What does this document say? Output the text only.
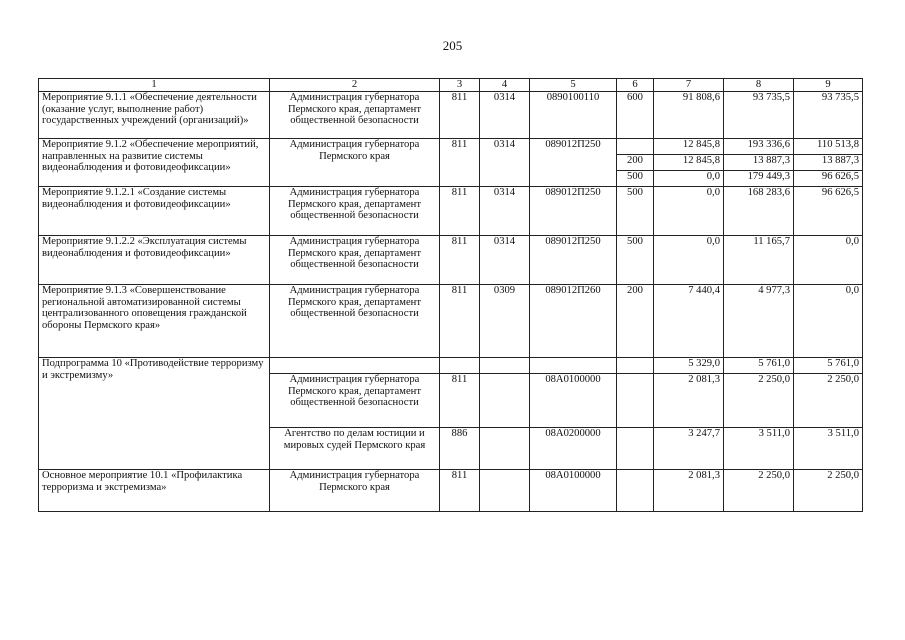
205
1	2	3	4	5	6	7	8	9
Мероприятие 9.1.1 «Обеспечение деятельности (оказание услуг, выполнение работ) государственных учреждений (организаций)»	Администрация губернатора Пермского края, департамент общественной безопасности	811	0314	0890100110	600	91 808,6	93 735,5	93 735,5
Мероприятие 9.1.2 «Обеспечение мероприятий, направленных на развитие системы видеонаблюдения и фотовидеофиксации»	Администрация губернатора Пермского края	811	0314	089012П250		12 845,8	193 336,6	110 513,8
					200	12 845,8	13 887,3	13 887,3
					500	0,0	179 449,3	96 626,5
Мероприятие 9.1.2.1 «Создание системы видеонаблюдения и фотовидеофиксации»	Администрация губернатора Пермского края, департамент общественной безопасности	811	0314	089012П250	500	0,0	168 283,6	96 626,5
Мероприятие 9.1.2.2 «Эксплуатация системы видеонаблюдения и фотовидеофиксации»	Администрация губернатора Пермского края, департамент общественной безопасности	811	0314	089012П250	500	0,0	11 165,7	0,0
Мероприятие 9.1.3 «Совершенствование региональной автоматизированной системы централизованного оповещения гражданской обороны Пермского края»	Администрация губернатора Пермского края, департамент общественной безопасности	811	0309	089012П260	200	7 440,4	4 977,3	0,0
Подпрограмма 10 «Противодействие терроризму и экстремизму»						5 329,0	5 761,0	5 761,0
	Администрация губернатора Пермского края, департамент общественной безопасности	811		08А0100000		2 081,3	2 250,0	2 250,0
	Агентство по делам юстиции и мировых судей Пермского края	886		08А0200000		3 247,7	3 511,0	3 511,0
Основное мероприятие 10.1 «Профилактика терроризма и экстремизма»	Администрация губернатора Пермского края	811		08А0100000		2 081,3	2 250,0	2 250,0
